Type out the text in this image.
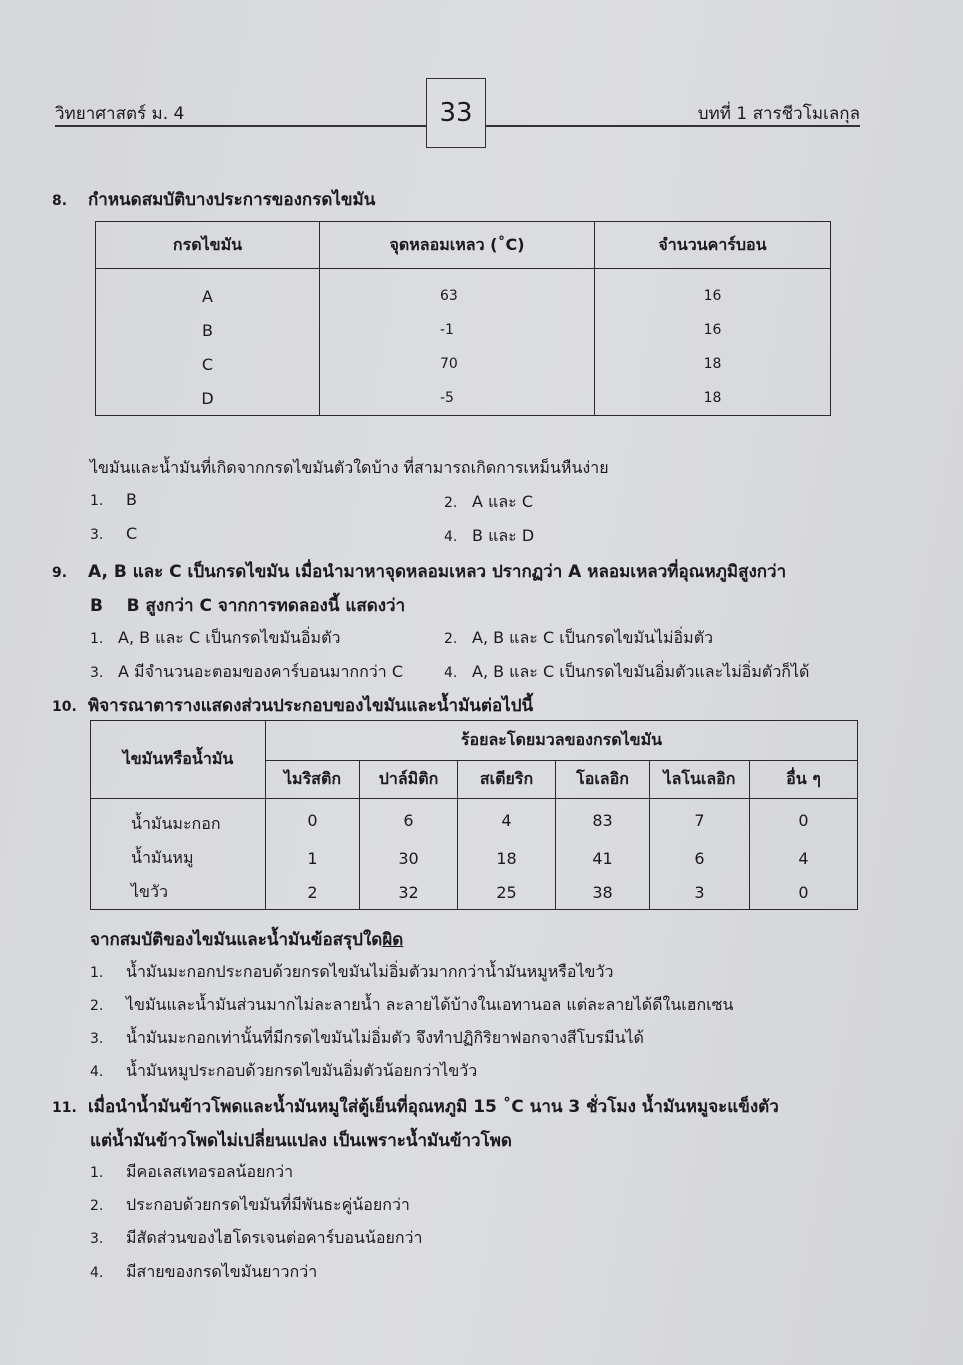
วิทยาศาสตร์ ม. 4	บทที่ 1 สารชีวโมเลกุล
33
8. กำหนดสมบัติบางประการของกรดไขมัน
กรดไขมัน	จุดหลอมเหลว (˚C)	จำนวนคาร์บอน

A	63	16
B	-1	16
C	70	18
D	-5	18
ไขมันและน้ำมันที่เกิดจากกรดไขมันตัวใดบ้าง ที่สามารถเกิดการเหม็นหืนง่าย
1. B	2. A และ C
3. C	4. B และ D
9. A, B และ C เป็นกรดไขมัน เมื่อนำมาหาจุดหลอมเหลว ปรากฏว่า A หลอมเหลวที่อุณหภูมิสูงกว่า
B    B สูงกว่า C จากการทดลองนี้ แสดงว่า
1. A, B และ C เป็นกรดไขมันอิ่มตัว	2. A, B และ C เป็นกรดไขมันไม่อิ่มตัว
3. A มีจำนวนอะตอมของคาร์บอนมากกว่า C	4. A, B และ C เป็นกรดไขมันอิ่มตัวและไม่อิ่มตัวก็ได้
10. พิจารณาตารางแสดงส่วนประกอบของไขมันและน้ำมันต่อไปนี้
ไขมันหรือน้ำมัน	ร้อยละโดยมวลของกรดไขมัน					
	ไมริสติก	ปาล์มิติก	สเตียริก	โอเลอิก	ไลโนเลอิก	อื่น ๆ
น้ำมันมะกอก	0	6	4	83	7	0
น้ำมันหมู	1	30	18	41	6	4
ไขวัว	2	32	25	38	3	0
จากสมบัติของไขมันและน้ำมันข้อสรุปใดผิด
1. น้ำมันมะกอกประกอบด้วยกรดไขมันไม่อิ่มตัวมากกว่าน้ำมันหมูหรือไขวัว
2. ไขมันและน้ำมันส่วนมากไม่ละลายน้ำ ละลายได้บ้างในเอทานอล แต่ละลายได้ดีในเฮกเซน
3. น้ำมันมะกอกเท่านั้นที่มีกรดไขมันไม่อิ่มตัว จึงทำปฏิกิริยาฟอกจางสีโบรมีนได้
4. น้ำมันหมูประกอบด้วยกรดไขมันอิ่มตัวน้อยกว่าไขวัว
11. เมื่อนำน้ำมันข้าวโพดและน้ำมันหมูใส่ตู้เย็นที่อุณหภูมิ 15 ˚C นาน 3 ชั่วโมง น้ำมันหมูจะแข็งตัว
แต่น้ำมันข้าวโพดไม่เปลี่ยนแปลง เป็นเพราะน้ำมันข้าวโพด
1. มีคอเลสเทอรอลน้อยกว่า
2. ประกอบด้วยกรดไขมันที่มีพันธะคู่น้อยกว่า
3. มีสัดส่วนของไฮโดรเจนต่อคาร์บอนน้อยกว่า
4. มีสายของกรดไขมันยาวกว่า
